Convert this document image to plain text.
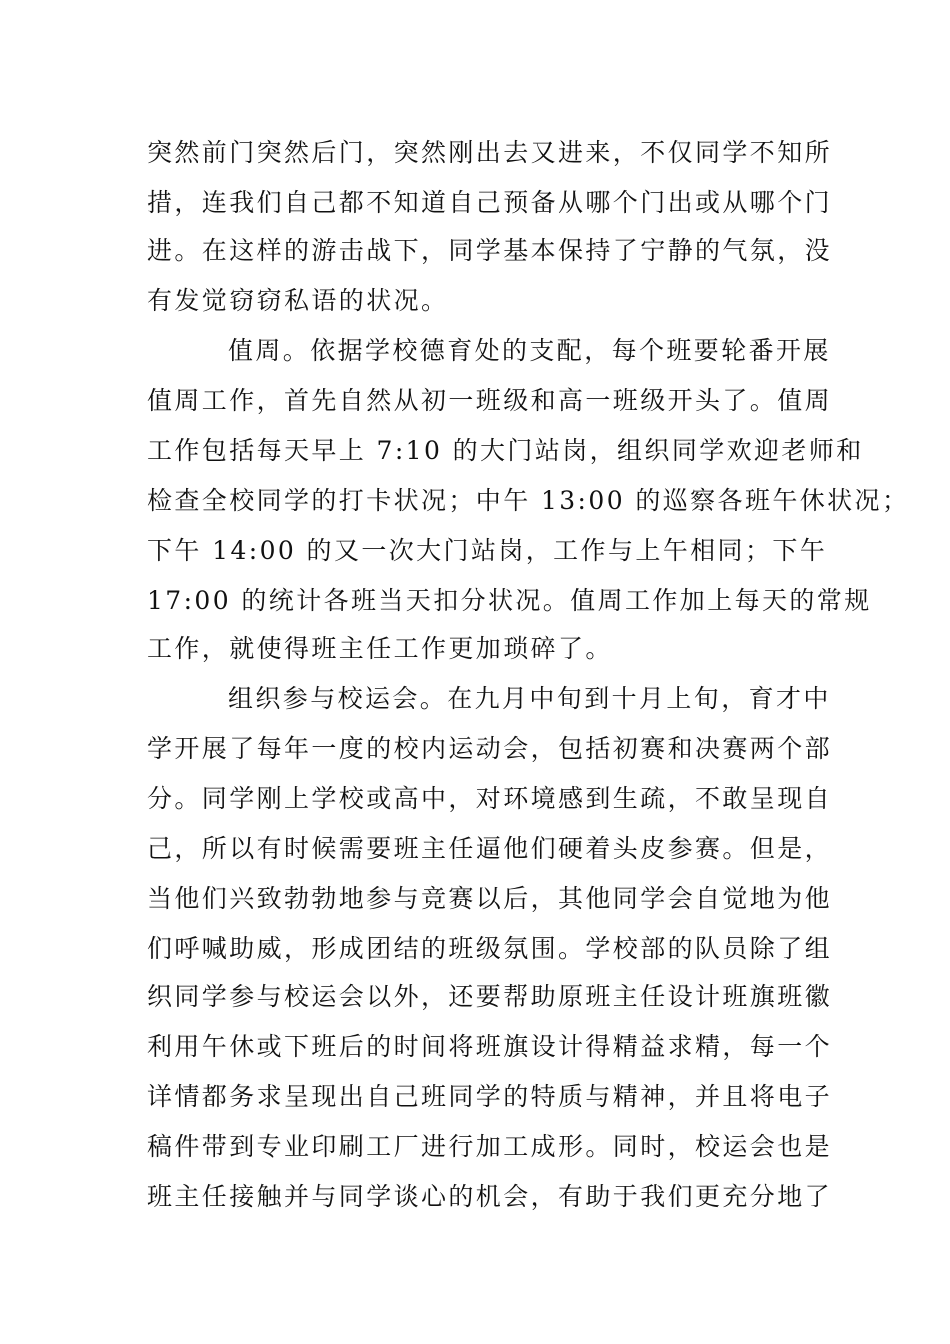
突然前门突然后门，突然刚出去又进来，不仅同学不知所
措，连我们自己都不知道自己预备从哪个门出或从哪个门
进。在这样的游击战下，同学基本保持了宁静的气氛，没
有发觉窃窃私语的状况。
值周。依据学校德育处的支配，每个班要轮番开展
值周工作，首先自然从初一班级和高一班级开头了。值周
工作包括每天早上 7:10 的大门站岗，组织同学欢迎老师和
检查全校同学的打卡状况；中午 13:00 的巡察各班午休状况；
下午 14:00 的又一次大门站岗，工作与上午相同；下午
17:00 的统计各班当天扣分状况。值周工作加上每天的常规
工作，就使得班主任工作更加琐碎了。
组织参与校运会。在九月中旬到十月上旬，育才中
学开展了每年一度的校内运动会，包括初赛和决赛两个部
分。同学刚上学校或高中，对环境感到生疏，不敢呈现自
己，所以有时候需要班主任逼他们硬着头皮参赛。但是，
当他们兴致勃勃地参与竞赛以后，其他同学会自觉地为他
们呼喊助威，形成团结的班级氛围。学校部的队员除了组
织同学参与校运会以外，还要帮助原班主任设计班旗班徽
利用午休或下班后的时间将班旗设计得精益求精，每一个
详情都务求呈现出自己班同学的特质与精神，并且将电子
稿件带到专业印刷工厂进行加工成形。同时，校运会也是
班主任接触并与同学谈心的机会，有助于我们更充分地了
